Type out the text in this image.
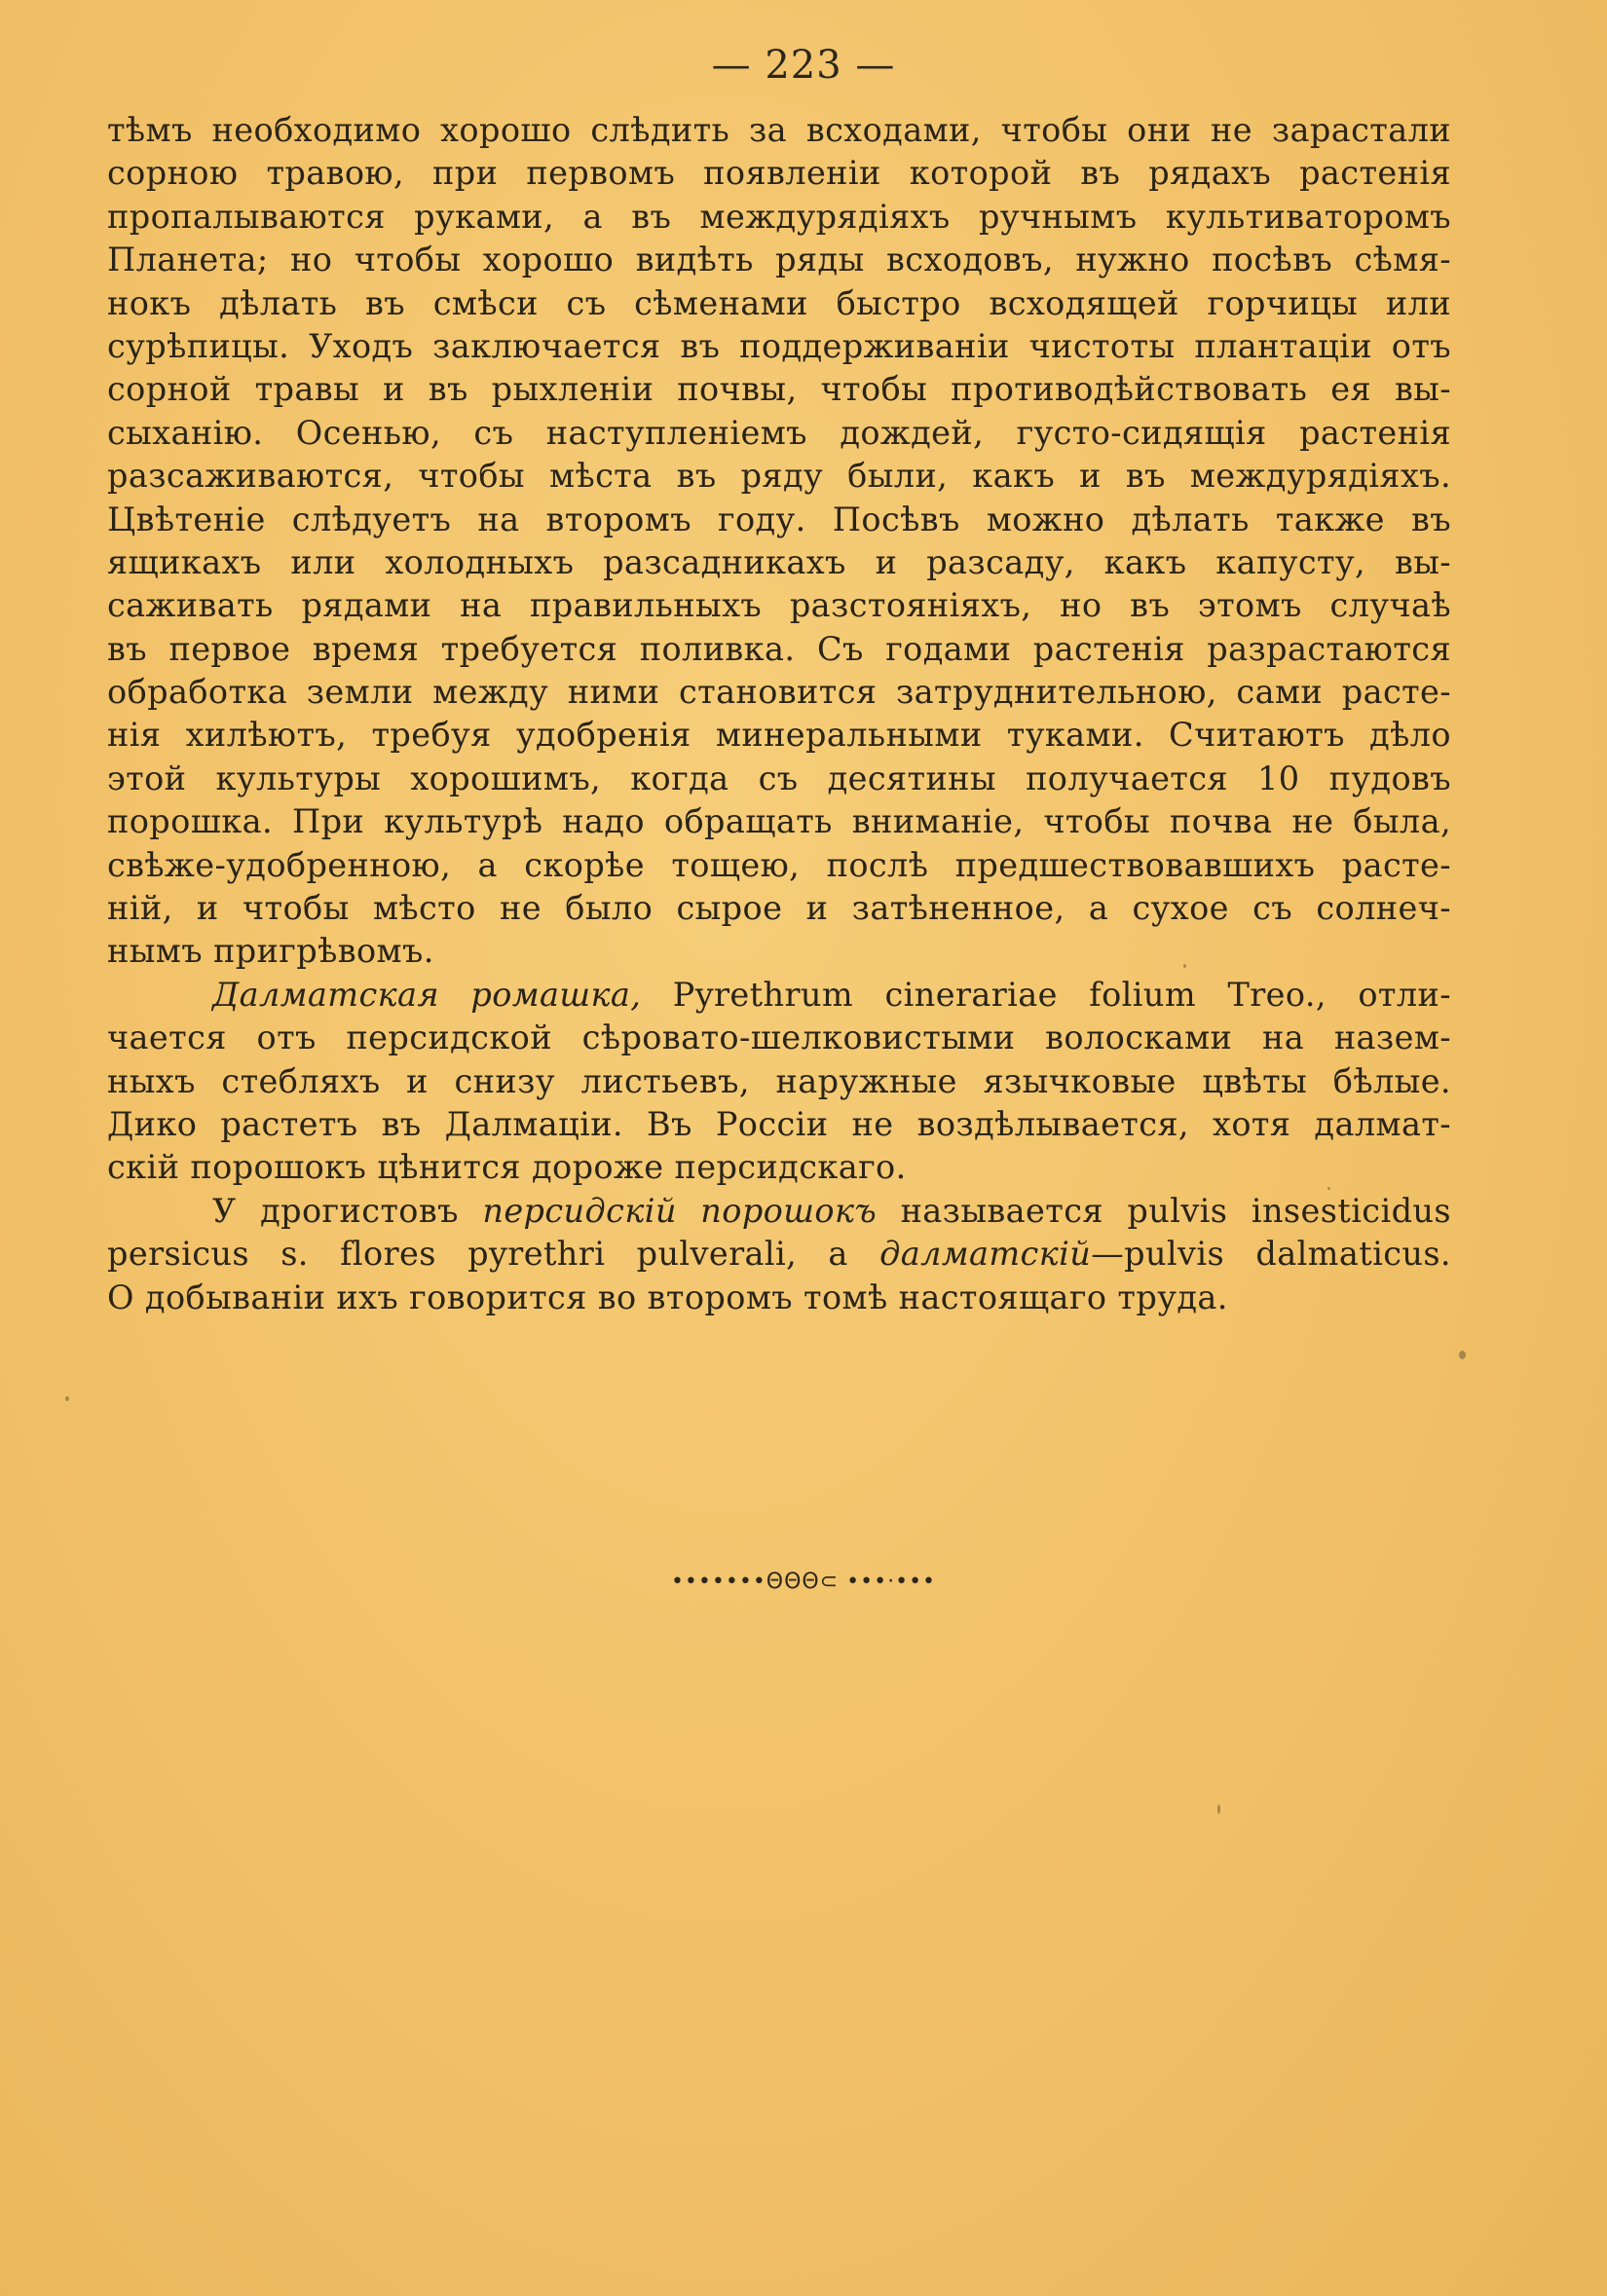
— 223 —
тѣмъ необходимо хорошо слѣдить за всходами, чтобы они не зарастали
сорною травою, при первомъ появленіи которой въ рядахъ растенія
пропалываются руками, а въ междурядіяхъ ручнымъ культиваторомъ
Планета; но чтобы хорошо видѣть ряды всходовъ, нужно посѣвъ сѣмя-
нокъ дѣлать въ смѣси съ сѣменами быстро всходящей горчицы или
сурѣпицы. Уходъ заключается въ поддерживаніи чистоты плантаціи отъ
сорной травы и въ рыхленіи почвы, чтобы противодѣйствовать ея вы-
сыханію. Осенью, съ наступленіемъ дождей, густо-сидящія растенія
разсаживаются, чтобы мѣста въ ряду были, какъ и въ междурядіяхъ.
Цвѣтеніе слѣдуетъ на второмъ году. Посѣвъ можно дѣлать также въ
ящикахъ или холодныхъ разсадникахъ и разсаду, какъ капусту, вы-
саживать рядами на правильныхъ разстояніяхъ, но въ этомъ случаѣ
въ первое время требуется поливка. Съ годами растенія разрастаются
обработка земли между ними становится затруднительною, сами расте-
нія хилѣютъ, требуя удобренія минеральными туками. Считаютъ дѣло
этой культуры хорошимъ, когда съ десятины получается 10 пудовъ
порошка. При культурѣ надо обращать вниманіе, чтобы почва не была,
свѣже-удобренною, а скорѣе тощею, послѣ предшествовавшихъ расте-
ній, и чтобы мѣсто не было сырое и затѣненное, а сухое съ солнеч-
нымъ пригрѣвомъ.
Далматская ромашка, Pyrethrum cinerariae folium Treo., отли-
чается отъ персидской сѣровато-шелковистыми волосками на назем-
ныхъ стебляхъ и снизу листьевъ, наружные язычковые цвѣты бѣлые.
Дико растетъ въ Далмаціи. Въ Россіи не воздѣлывается, хотя далмат-
скій порошокъ цѣнится дороже персидскаго.
У дрогистовъ персидскій порошокъ называется pulvis insesticidus
persicus s. flores pyrethri pulverali, а далматскій—pulvis dalmaticus.
О добываніи ихъ говорится во второмъ томѣ настоящаго труда.
•••••••ΘΘΘ⊂ •••·•••
